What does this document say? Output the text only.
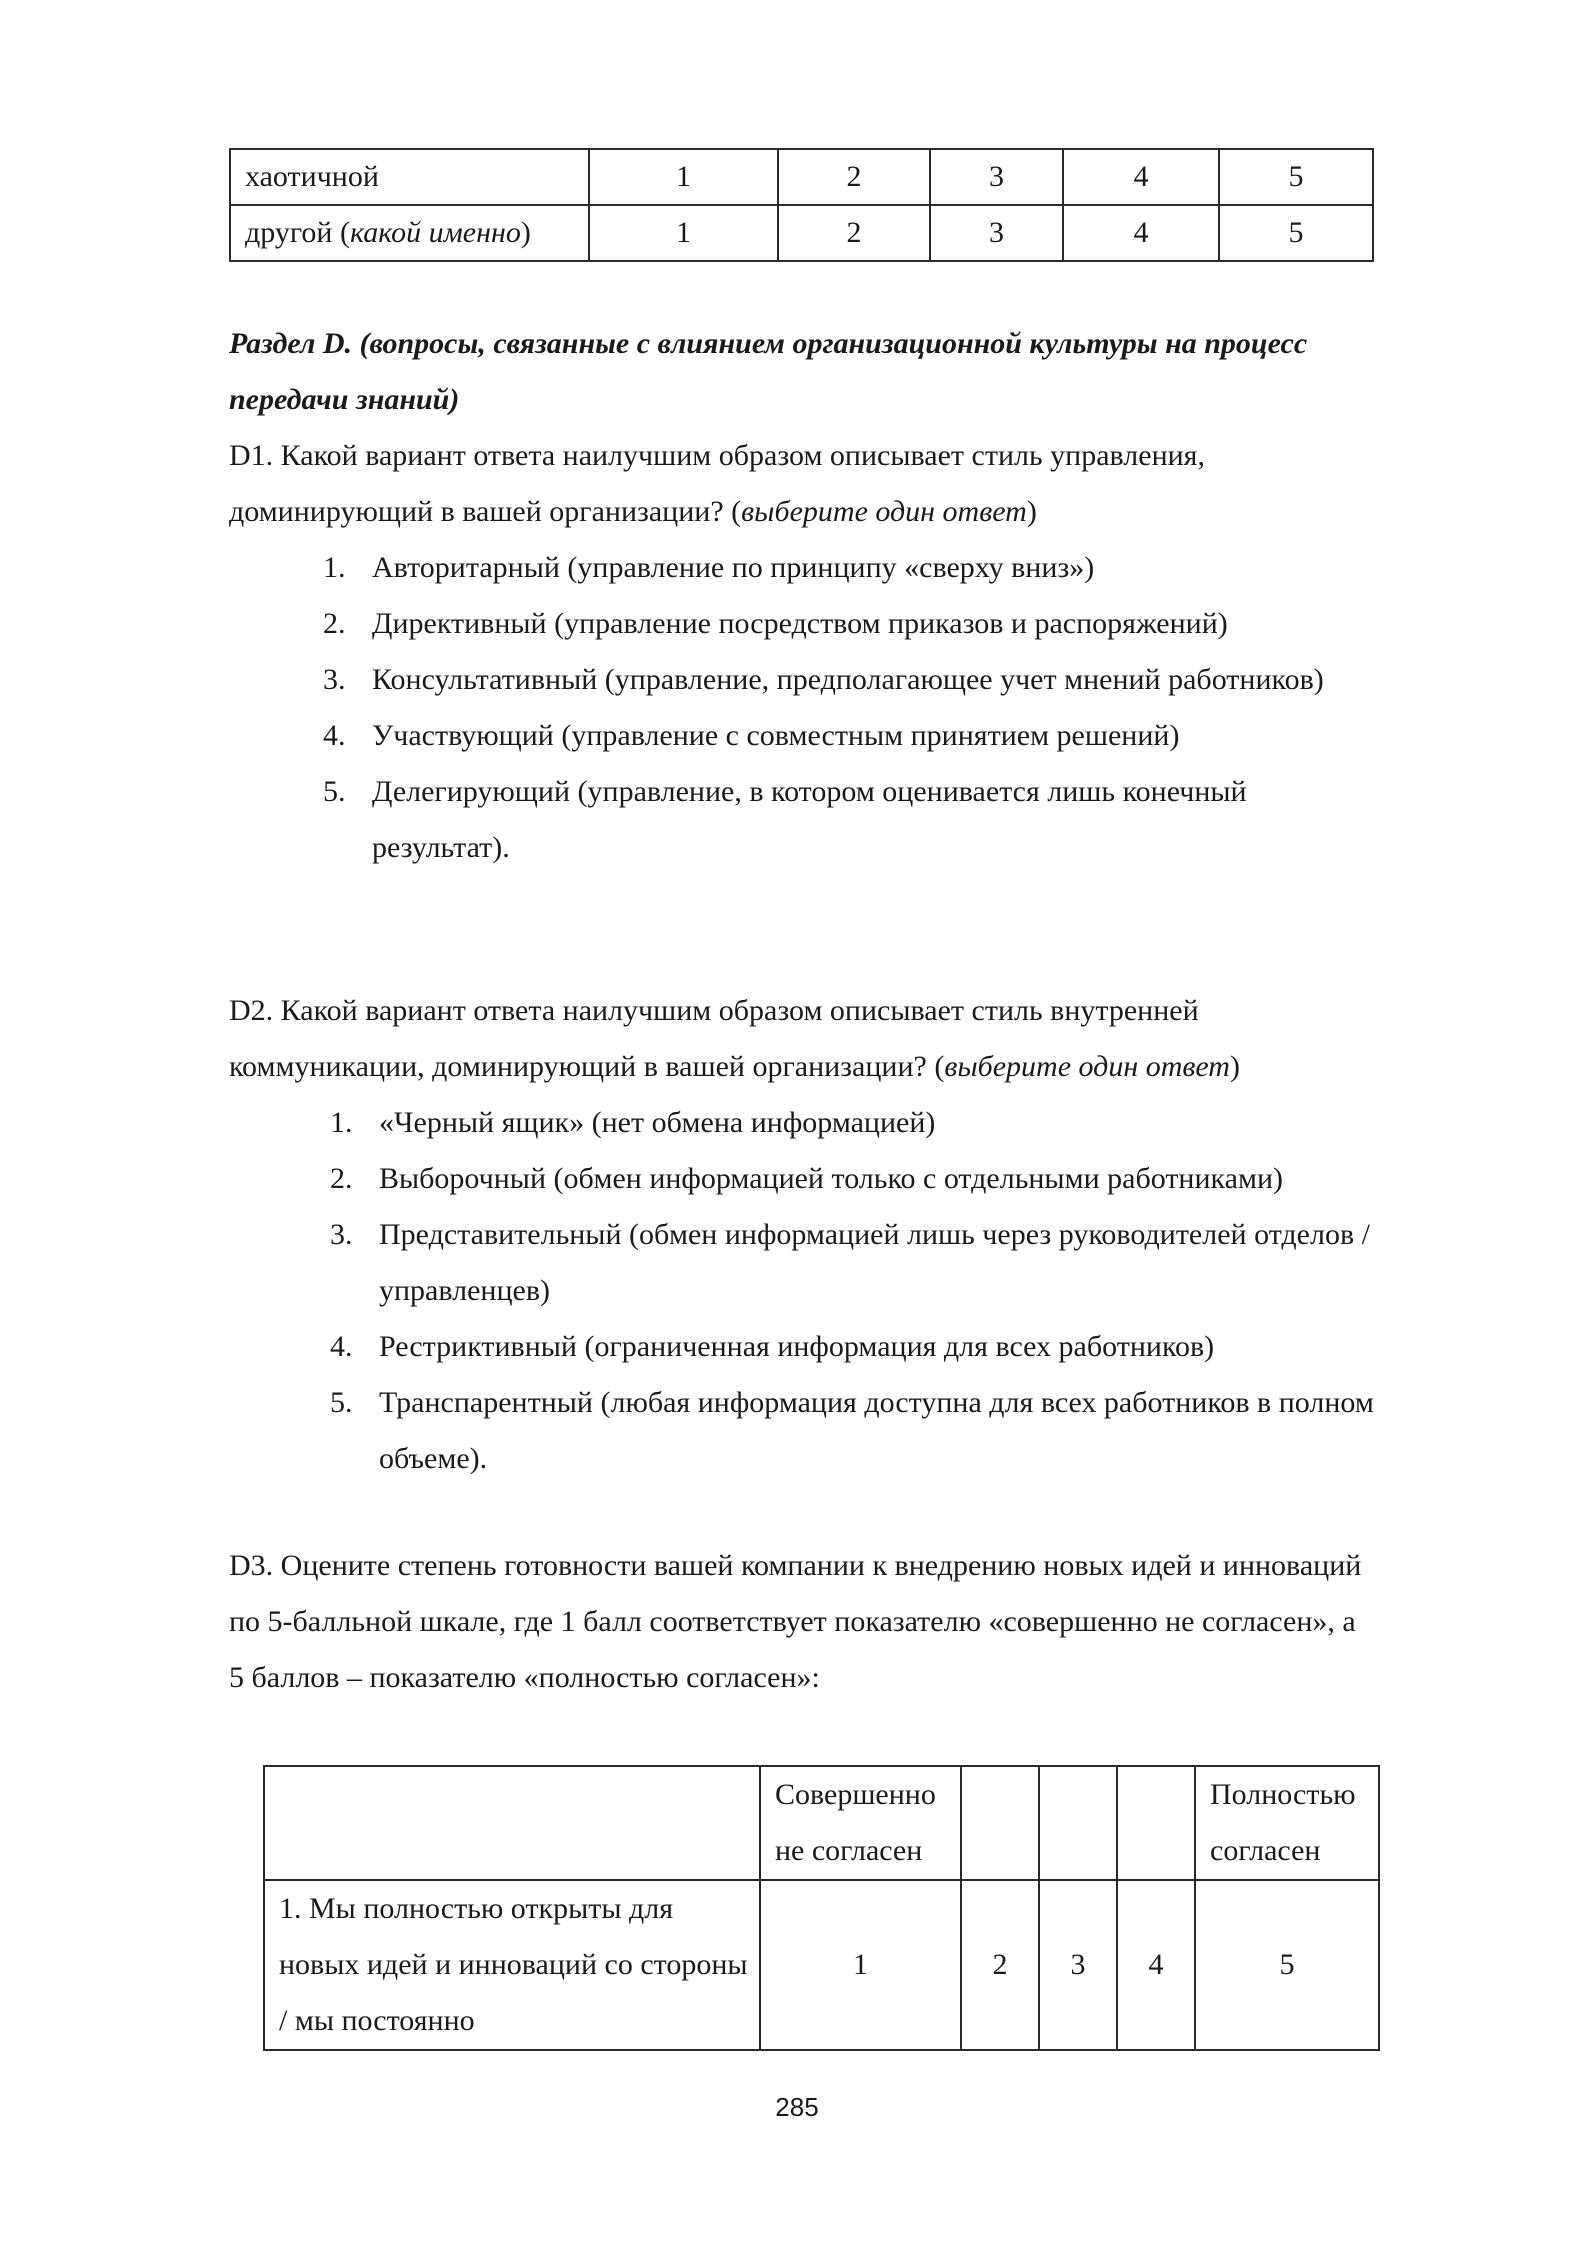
хаотичной	1	2	3	4	5
другой (какой именно)	1	2	3	4	5
Раздел D. (вопросы, связанные с влиянием организационной культуры на процесс передачи знаний)
D1. Какой вариант ответа наилучшим образом описывает стиль управления, доминирующий в вашей организации? (выберите один ответ)
1. Авторитарный (управление по принципу «сверху вниз»)
2. Директивный (управление посредством приказов и распоряжений)
3. Консультативный (управление, предполагающее учет мнений работников)
4. Участвующий (управление с совместным принятием решений)
5. Делегирующий (управление, в котором оценивается лишь конечный результат).
D2. Какой вариант ответа наилучшим образом описывает стиль внутренней коммуникации, доминирующий в вашей организации? (выберите один ответ)
1. «Черный ящик» (нет обмена информацией)
2. Выборочный (обмен информацией только с отдельными работниками)
3. Представительный (обмен информацией лишь через руководителей отделов / управленцев)
4. Рестриктивный (ограниченная информация для всех работников)
5. Транспарентный (любая информация доступна для всех работников в полном объеме).
D3. Оцените степень готовности вашей компании к внедрению новых идей и инноваций по 5-балльной шкале, где 1 балл соответствует показателю «совершенно не согласен», а 5 баллов – показателю «полностью согласен»:
	Совершенно не согласен				Полностью согласен
1. Мы полностью открыты для новых идей и инноваций со стороны / мы постоянно	1	2	3	4	5
285
